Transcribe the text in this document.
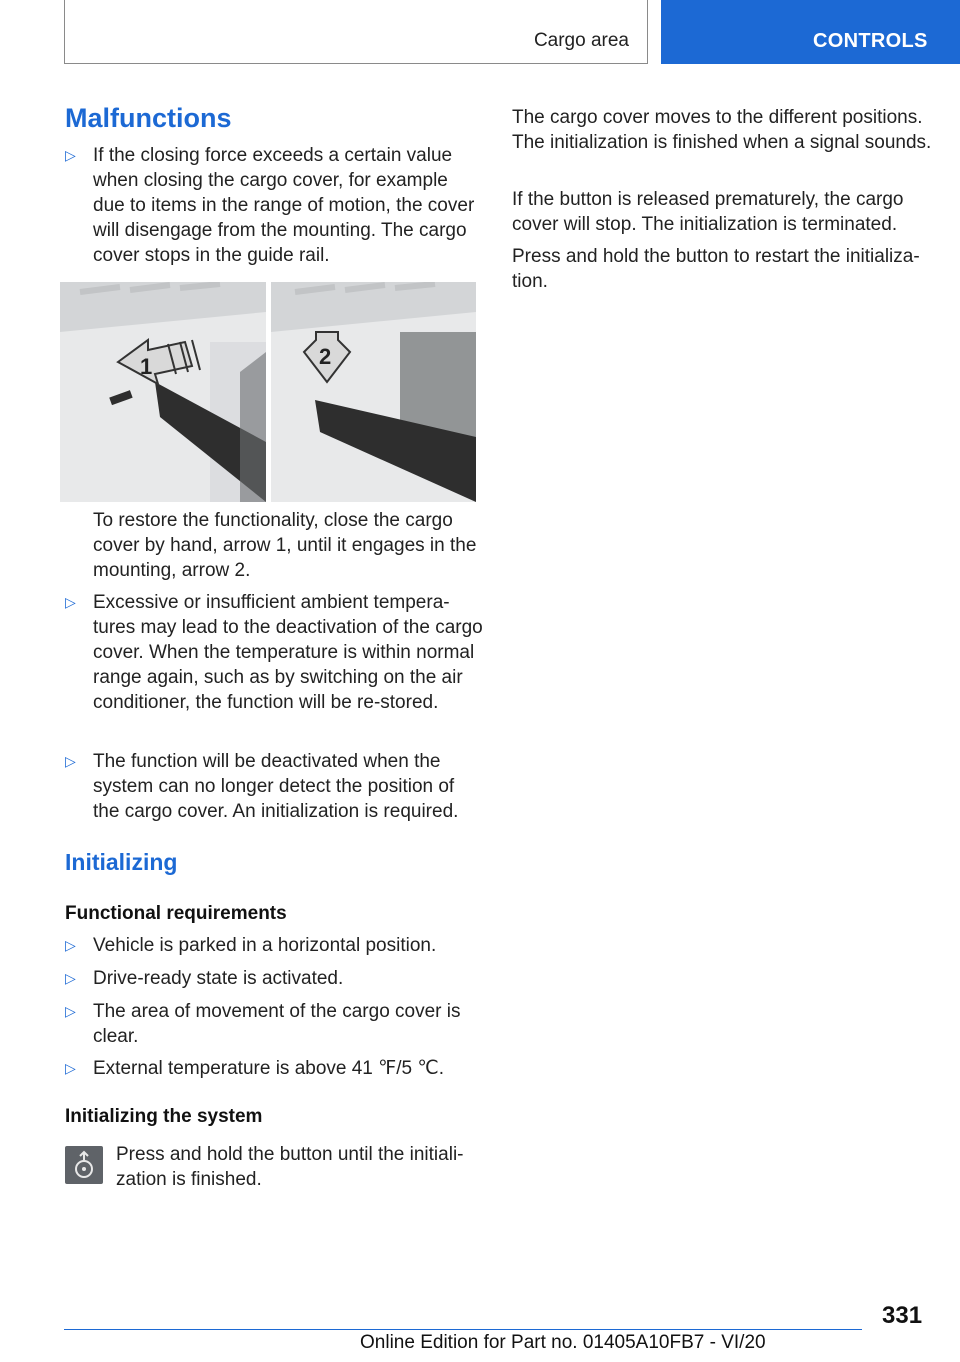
Cargo area	CONTROLS
Malfunctions
▷ If the closing force exceeds a certain value when closing the cargo cover, for example due to items in the range of motion, the cover will disengage from the mounting. The cargo cover stops in the guide rail.
1	2

To restore the functionality, close the cargo cover by hand, arrow 1, until it engages in the mounting, arrow 2.

▷ Excessive or insufficient ambient tempera-tures may lead to the deactivation of the cargo cover. When the temperature is within normal range again, such as by switching on the air conditioner, the function will be re-stored.
▷ The function will be deactivated when the system can no longer detect the position of the cargo cover. An initialization is required.
Initializing
Functional requirements
▷ Vehicle is parked in a horizontal position.
▷ Drive-ready state is activated.
▷ The area of movement of the cargo cover is clear.
▷ External temperature is above 41 ℉/5 ℃.
Initializing the system

Press and hold the button until the initiali-zation is finished.

The cargo cover moves to the different positions. The initialization is finished when a signal sounds.

If the button is released prematurely, the cargo cover will stop. The initialization is terminated.

Press and hold the button to restart the initializa-tion.

331
Online Edition for Part no. 01405A10FB7 - VI/20
